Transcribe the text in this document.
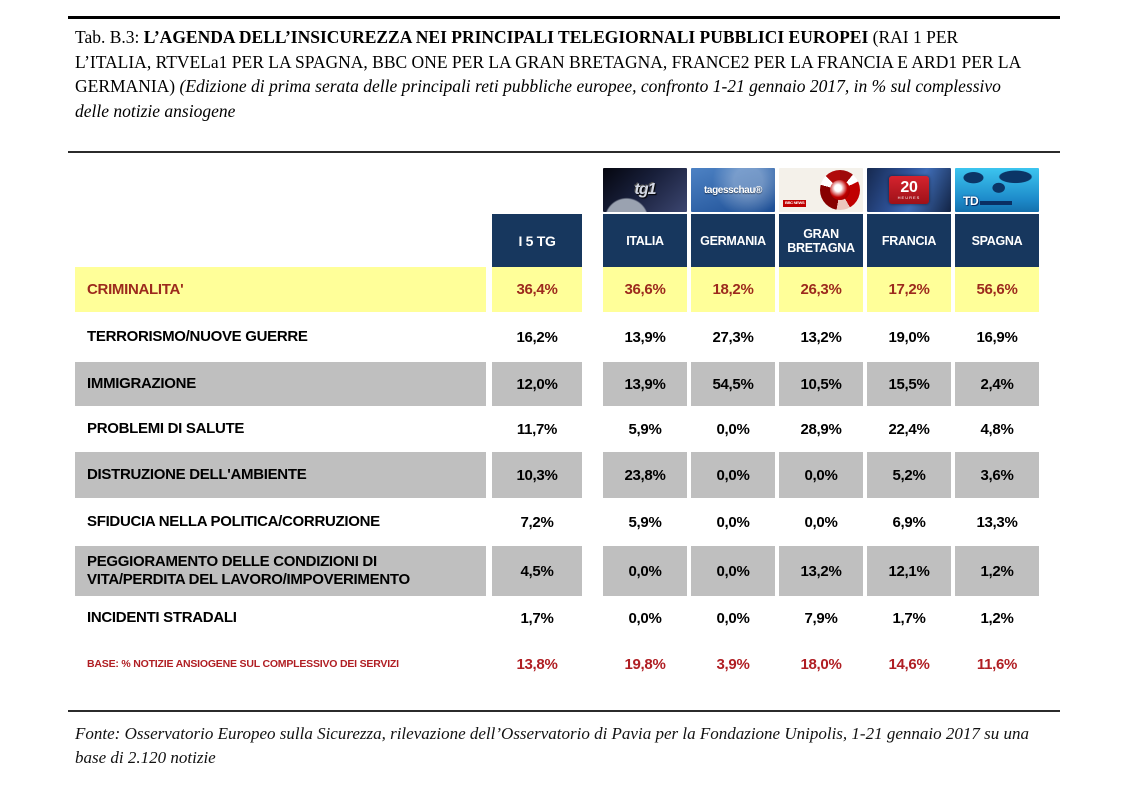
Tab. B.3: L’AGENDA DELL’INSICUREZZA NEI PRINCIPALI TELEGIORNALI PUBBLICI EUROPEI (RAI 1 PER L’ITALIA, RTVELa1 PER LA SPAGNA, BBC ONE PER LA GRAN BRETAGNA, FRANCE2 PER LA FRANCIA E ARD1 PER LA GERMANIA) (Edizione di prima serata delle principali reti pubbliche europee, confronto 1-21 gennaio 2017, in % sul complessivo delle notizie ansiogene

tg1	tagesschau®
BBC NEWS
20
HEURES	TD
I 5 TG	ITALIA	GERMANIA	GRAN BRETAGNA	FRANCIA	SPAGNA
CRIMINALITA'	36,4%	36,6%	18,2%	26,3%	17,2%	56,6%
TERRORISMO/NUOVE GUERRE	16,2%	13,9%	27,3%	13,2%	19,0%	16,9%
IMMIGRAZIONE	12,0%	13,9%	54,5%	10,5%	15,5%	2,4%
PROBLEMI DI SALUTE	11,7%	5,9%	0,0%	28,9%	22,4%	4,8%
DISTRUZIONE DELL'AMBIENTE	10,3%	23,8%	0,0%	0,0%	5,2%	3,6%
SFIDUCIA NELLA POLITICA/CORRUZIONE	7,2%	5,9%	0,0%	0,0%	6,9%	13,3%
PEGGIORAMENTO DELLE CONDIZIONI DI VITA/PERDITA DEL LAVORO/IMPOVERIMENTO	4,5%	0,0%	0,0%	13,2%	12,1%	1,2%
INCIDENTI STRADALI	1,7%	0,0%	0,0%	7,9%	1,7%	1,2%
BASE: % NOTIZIE ANSIOGENE SUL COMPLESSIVO DEI SERVIZI	13,8%	19,8%	3,9%	18,0%	14,6%	11,6%

Fonte: Osservatorio Europeo sulla Sicurezza, rilevazione dell’Osservatorio di Pavia per la Fondazione Unipolis, 1-21 gennaio 2017 su una base di 2.120 notizie
